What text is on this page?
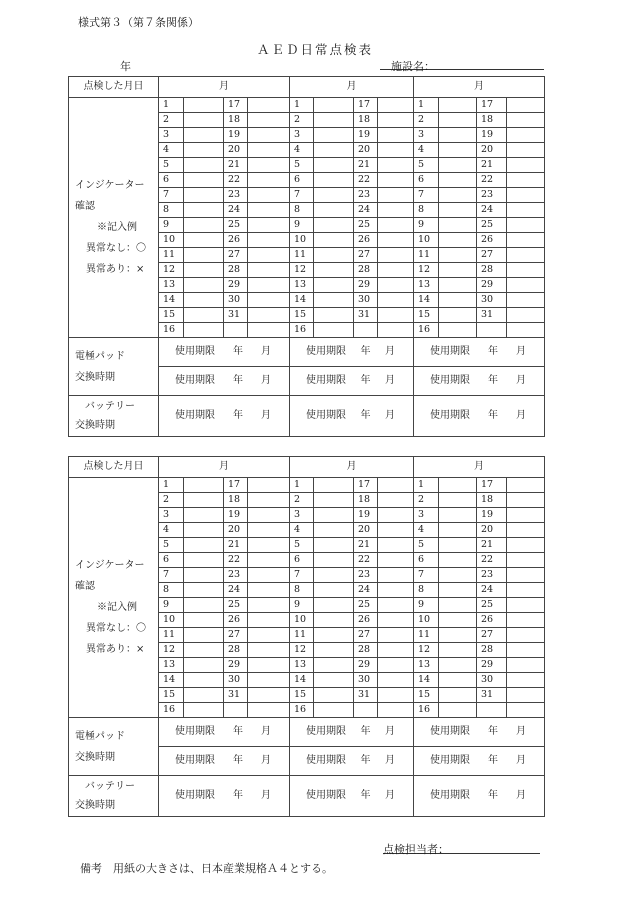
様式第３（第７条関係）
ＡＥＤ日常点検表
年	施設名：
点検した月日	月				月				月			

インジケーター
確認
※記入例
異常なし：〇
異常あり：×	1		17		1		17		1		17	
	2		18		2		18		2		18	
	3		19		3		19		3		19	
	4		20		4		20		4		20	
	5		21		5		21		5		21	
	6		22		6		22		6		22	
	7		23		7		23		7		23	
	8		24		8		24		8		24	
	9		25		9		25		9		25	
	10		26		10		26		10		26	
	11		27		11		27		11		27	
	12		28		12		28		12		28	
	13		29		13		29		13		29	
	14		30		14		30		14		30	
	15		31		15		31		15		31	
	16				16				16			

電極パッド
交換時期	使用期限 年 月				使用期限 年 月				使用期限 年 月			

	使用期限 年 月				使用期限 年 月				使用期限 年 月			

バッテリー
交換時期	使用期限 年 月				使用期限 年 月				使用期限 年 月			
点検した月日	月				月				月			

インジケーター
確認
※記入例
異常なし：〇
異常あり：×	1		17		1		17		1		17	
	2		18		2		18		2		18	
	3		19		3		19		3		19	
	4		20		4		20		4		20	
	5		21		5		21		5		21	
	6		22		6		22		6		22	
	7		23		7		23		7		23	
	8		24		8		24		8		24	
	9		25		9		25		9		25	
	10		26		10		26		10		26	
	11		27		11		27		11		27	
	12		28		12		28		12		28	
	13		29		13		29		13		29	
	14		30		14		30		14		30	
	15		31		15		31		15		31	
	16				16				16			

電極パッド
交換時期	使用期限 年 月				使用期限 年 月				使用期限 年 月			

	使用期限 年 月				使用期限 年 月				使用期限 年 月			

バッテリー
交換時期	使用期限 年 月				使用期限 年 月				使用期限 年 月			
点検担当者：
備考　用紙の大きさは、日本産業規格Ａ４とする。
